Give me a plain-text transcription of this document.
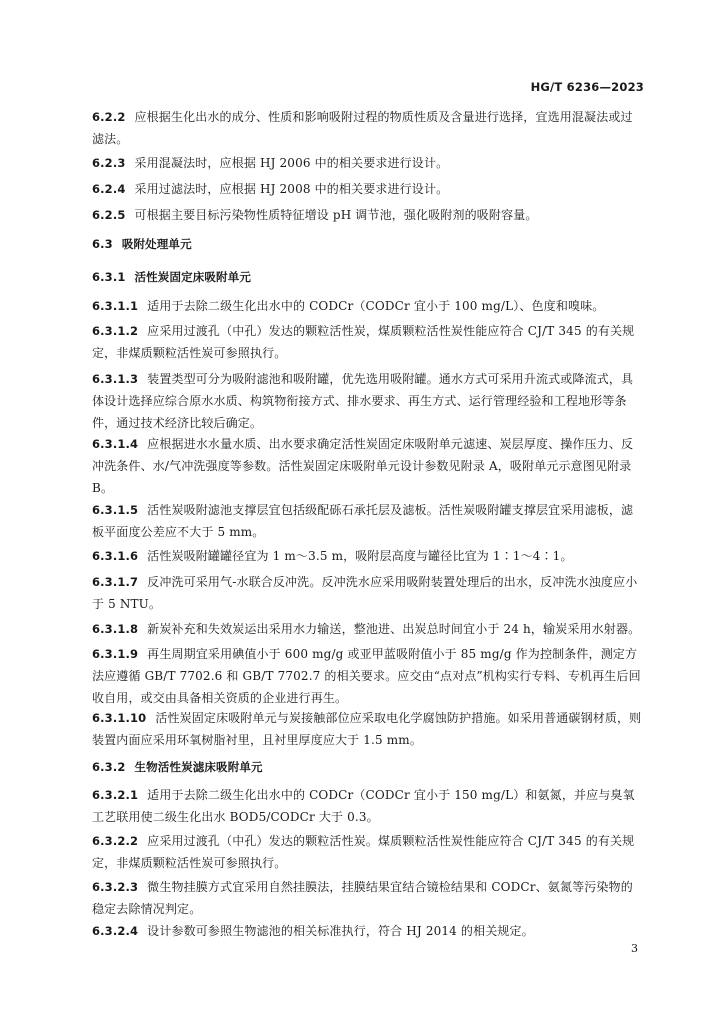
HG/T 6236—2023
6.2.2 应根据生化出水的成分、性质和影响吸附过程的物质性质及含量进行选择，宜选用混凝法或过滤法。
6.2.3 采用混凝法时，应根据 HJ 2006 中的相关要求进行设计。
6.2.4 采用过滤法时，应根据 HJ 2008 中的相关要求进行设计。
6.2.5 可根据主要目标污染物性质特征增设 pH 调节池，强化吸附剂的吸附容量。
6.3 吸附处理单元
6.3.1 活性炭固定床吸附单元
6.3.1.1 适用于去除二级生化出水中的 CODCr（CODCr 宜小于 100 mg/L）、色度和嗅味。
6.3.1.2 应采用过渡孔（中孔）发达的颗粒活性炭，煤质颗粒活性炭性能应符合 CJ/T 345 的有关规定，非煤质颗粒活性炭可参照执行。
6.3.1.3 装置类型可分为吸附滤池和吸附罐，优先选用吸附罐。通水方式可采用升流式或降流式，具体设计选择应综合原水水质、构筑物衔接方式、排水要求、再生方式、运行管理经验和工程地形等条件，通过技术经济比较后确定。
6.3.1.4 应根据进水水量水质、出水要求确定活性炭固定床吸附单元滤速、炭层厚度、操作压力、反冲洗条件、水/气冲洗强度等参数。活性炭固定床吸附单元设计参数见附录 A，吸附单元示意图见附录 B。
6.3.1.5 活性炭吸附滤池支撑层宜包括级配砾石承托层及滤板。活性炭吸附罐支撑层宜采用滤板，滤板平面度公差应不大于 5 mm。
6.3.1.6 活性炭吸附罐罐径宜为 1 m～3.5 m，吸附层高度与罐径比宜为 1∶1～4∶1。
6.3.1.7 反冲洗可采用气-水联合反冲洗。反冲洗水应采用吸附装置处理后的出水，反冲洗水浊度应小于 5 NTU。
6.3.1.8 新炭补充和失效炭运出采用水力输送，整池进、出炭总时间宜小于 24 h，输炭采用水射器。
6.3.1.9 再生周期宜采用碘值小于 600 mg/g 或亚甲蓝吸附值小于 85 mg/g 作为控制条件，测定方法应遵循 GB/T 7702.6 和 GB/T 7702.7 的相关要求。应交由“点对点”机构实行专料、专机再生后回收自用，或交由具备相关资质的企业进行再生。
6.3.1.10 活性炭固定床吸附单元与炭接触部位应采取电化学腐蚀防护措施。如采用普通碳钢材质，则装置内面应采用环氧树脂衬里，且衬里厚度应大于 1.5 mm。
6.3.2 生物活性炭滤床吸附单元
6.3.2.1 适用于去除二级生化出水中的 CODCr（CODCr 宜小于 150 mg/L）和氨氮，并应与臭氧工艺联用使二级生化出水 BOD5/CODCr 大于 0.3。
6.3.2.2 应采用过渡孔（中孔）发达的颗粒活性炭。煤质颗粒活性炭性能应符合 CJ/T 345 的有关规定，非煤质颗粒活性炭可参照执行。
6.3.2.3 微生物挂膜方式宜采用自然挂膜法，挂膜结果宜结合镜检结果和 CODCr、氨氮等污染物的稳定去除情况判定。
6.3.2.4 设计参数可参照生物滤池的相关标准执行，符合 HJ 2014 的相关规定。
3
